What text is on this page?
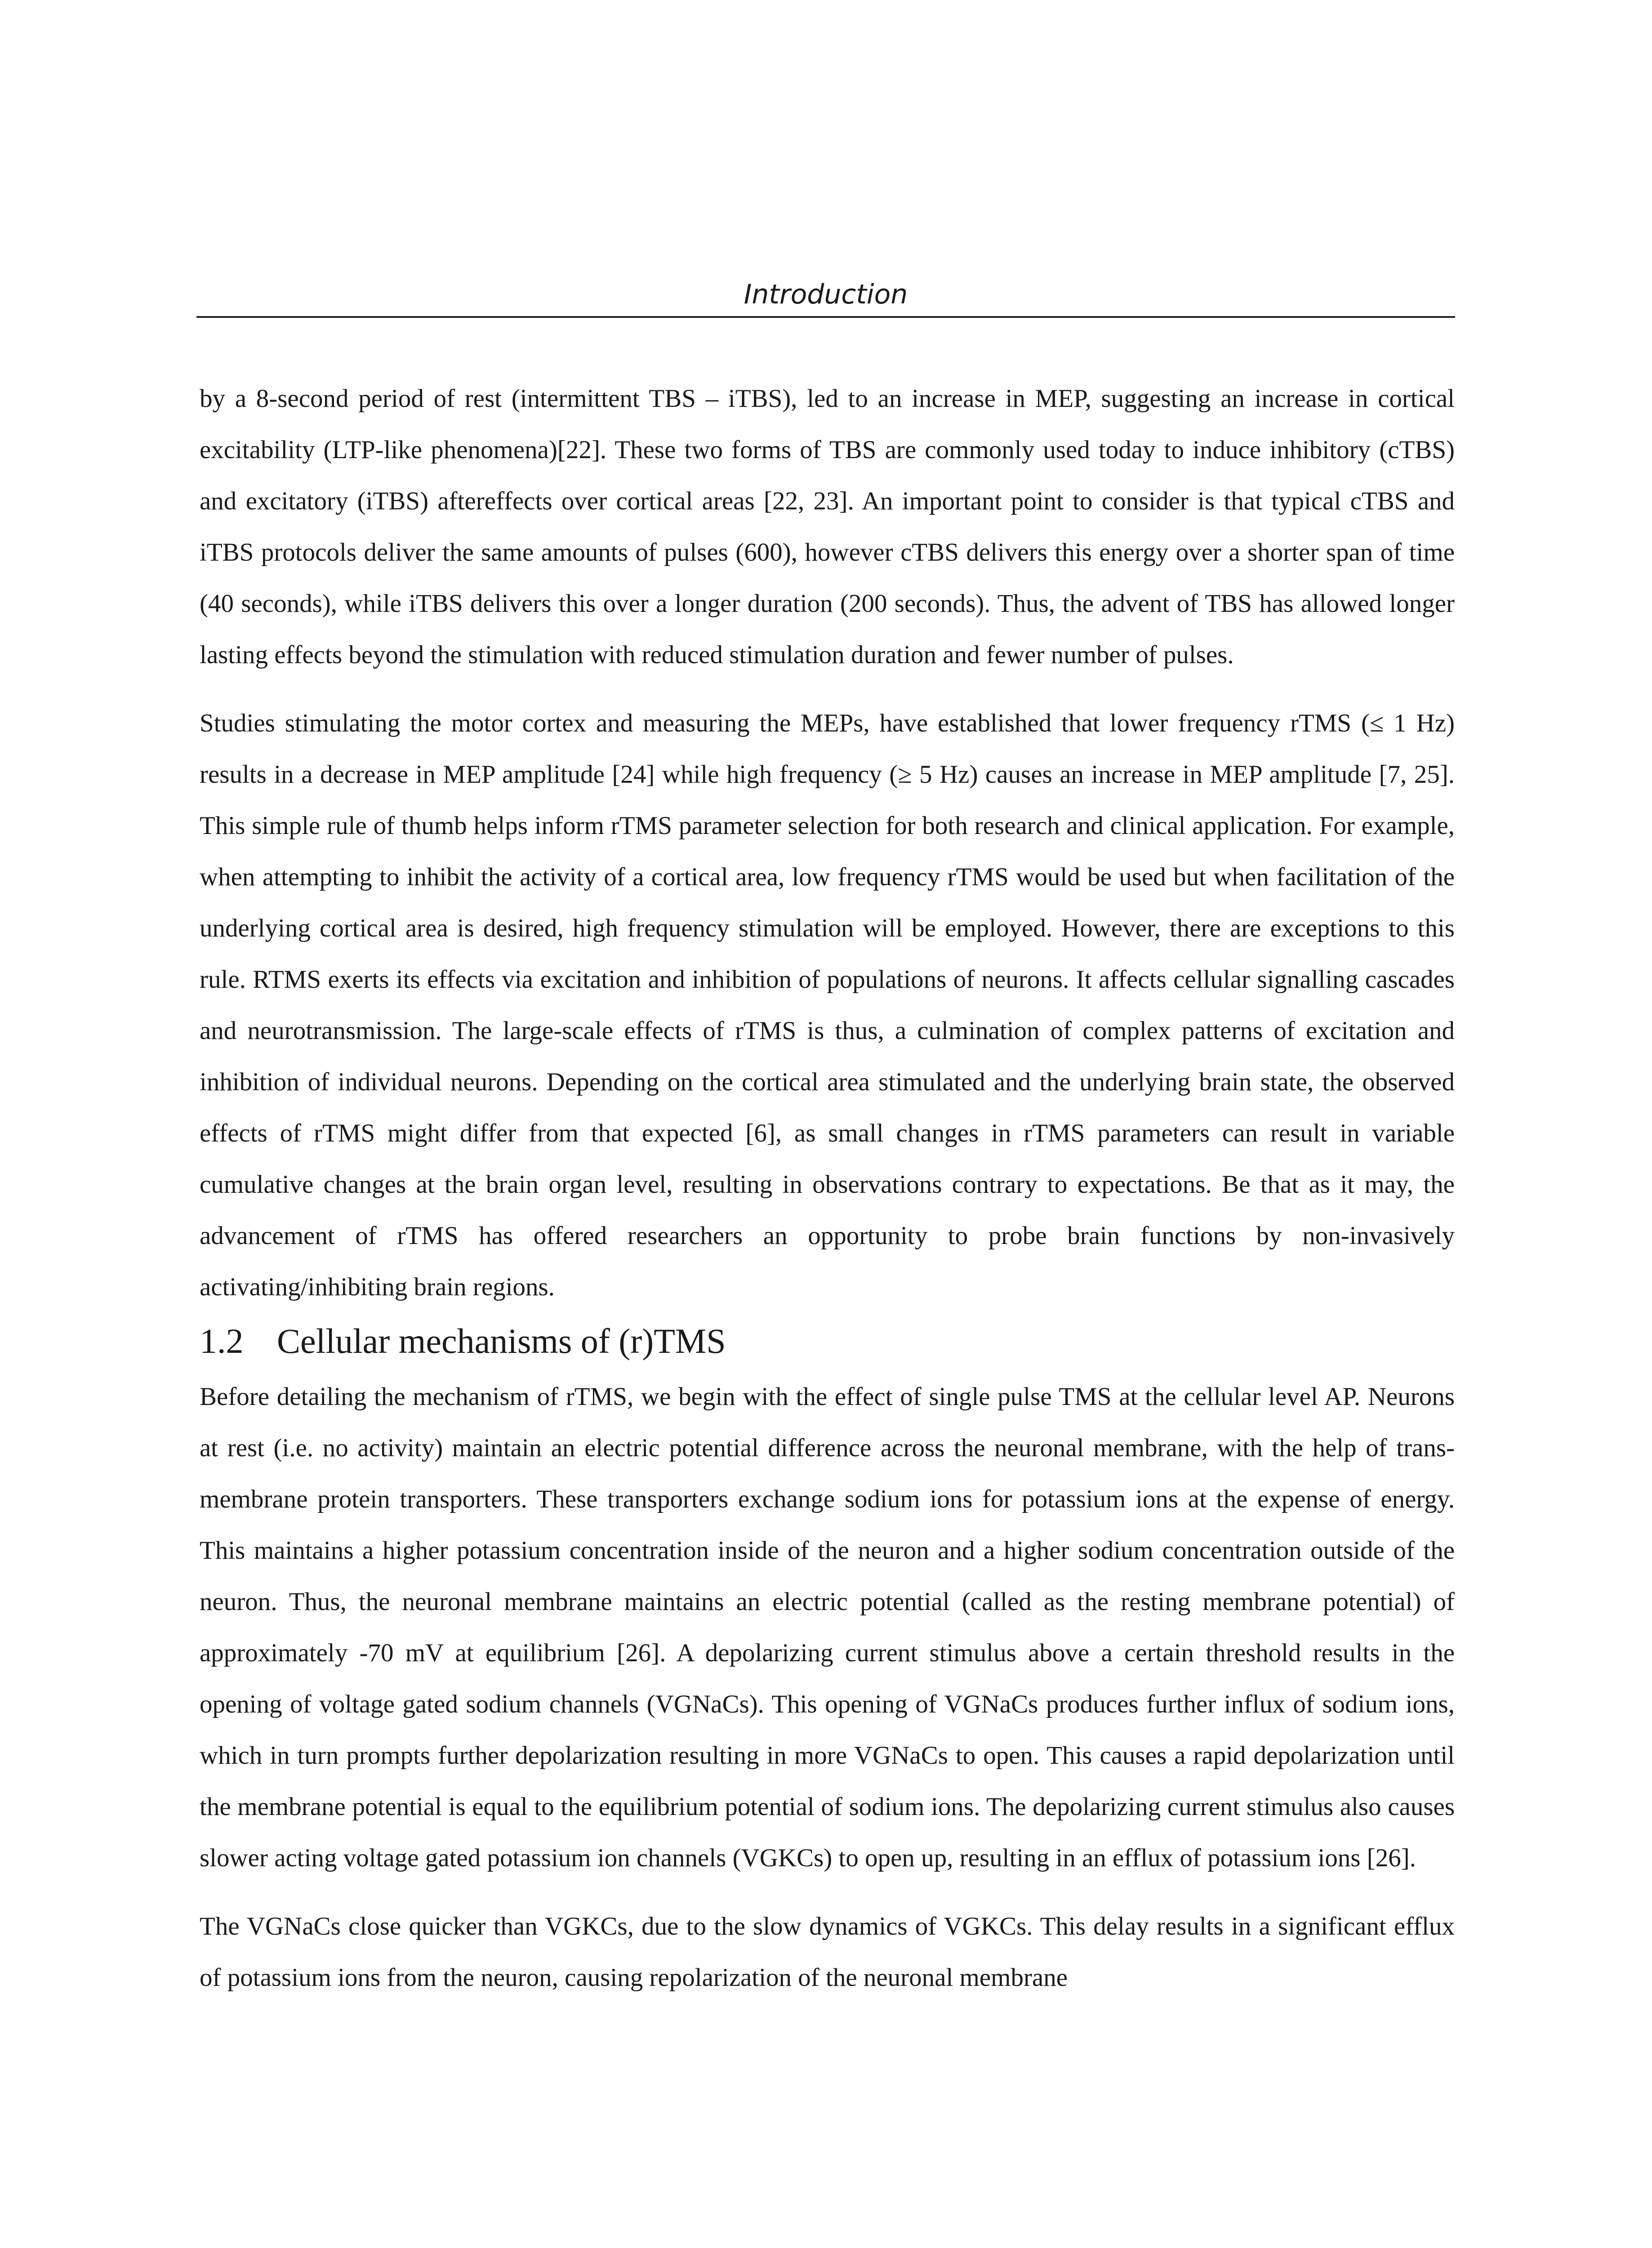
Introduction

by a 8-second period of rest (intermittent TBS – iTBS), led to an increase in MEP, suggesting an increase in cortical excitability (LTP-like phenomena)[22]. These two forms of TBS are commonly used today to induce inhibitory (cTBS) and excitatory (iTBS) aftereffects over cortical areas [22, 23]. An important point to consider is that typical cTBS and iTBS protocols deliver the same amounts of pulses (600), however cTBS delivers this energy over a shorter span of time (40 seconds), while iTBS delivers this over a longer duration (200 seconds). Thus, the advent of TBS has allowed longer lasting effects beyond the stimulation with reduced stimulation duration and fewer number of pulses.

Studies stimulating the motor cortex and measuring the MEPs, have established that lower frequency rTMS (≤ 1 Hz) results in a decrease in MEP amplitude [24] while high frequency (≥ 5 Hz) causes an increase in MEP amplitude [7, 25]. This simple rule of thumb helps inform rTMS parameter selection for both research and clinical application. For example, when attempting to inhibit the activity of a cortical area, low frequency rTMS would be used but when facilitation of the underlying cortical area is desired, high frequency stimulation will be employed. However, there are exceptions to this rule. RTMS exerts its effects via excitation and inhibition of populations of neurons. It affects cellular signalling cascades and neurotransmission. The large-scale effects of rTMS is thus, a culmination of complex patterns of excitation and inhibition of individual neurons. Depending on the cortical area stimulated and the underlying brain state, the observed effects of rTMS might differ from that expected [6], as small changes in rTMS parameters can result in variable cumulative changes at the brain organ level, resulting in observations contrary to expectations. Be that as it may, the advancement of rTMS has offered researchers an opportunity to probe brain functions by non-invasively activating/inhibiting brain regions.

1.2 Cellular mechanisms of (r)TMS

Before detailing the mechanism of rTMS, we begin with the effect of single pulse TMS at the cellular level AP. Neurons at rest (i.e. no activity) maintain an electric potential difference across the neuronal membrane, with the help of trans-membrane protein transporters. These transporters exchange sodium ions for potassium ions at the expense of energy. This maintains a higher potassium concentration inside of the neuron and a higher sodium concentration outside of the neuron. Thus, the neuronal membrane maintains an electric potential (called as the resting membrane potential) of approximately -70 mV at equilibrium [26]. A depolarizing current stimulus above a certain threshold results in the opening of voltage gated sodium channels (VGNaCs). This opening of VGNaCs produces further influx of sodium ions, which in turn prompts further depolarization resulting in more VGNaCs to open. This causes a rapid depolarization until the membrane potential is equal to the equilibrium potential of sodium ions. The depolarizing current stimulus also causes slower acting voltage gated potassium ion channels (VGKCs) to open up, resulting in an efflux of potassium ions [26].

The VGNaCs close quicker than VGKCs, due to the slow dynamics of VGKCs. This delay results in a significant efflux of potassium ions from the neuron, causing repolarization of the neuronal membrane
